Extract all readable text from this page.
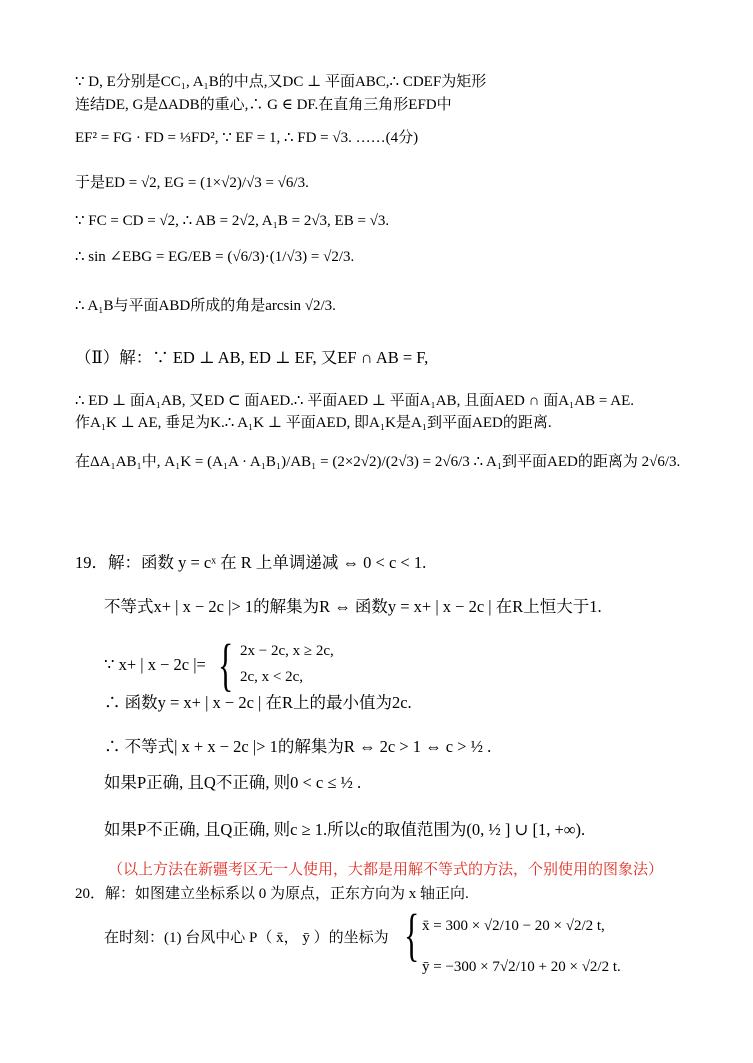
∵ D, E分别是CC₁, A₁B的中点,又DC ⊥ 平面ABC,∴ CDEF为矩形
连结DE, G是ΔADB的重心,∴ G ∈ DF.在直角三角形EFD中
EF² = FG · FD = ⅓FD², ∵ EF = 1, ∴ FD = √3. ……(4分)
于是ED = √2, EG = (1×√2)/√3 = √6/3.
∵ FC = CD = √2, ∴ AB = 2√2, A₁B = 2√3, EB = √3.
∴ sin ∠EBG = EG/EB = (√6/3)·(1/√3) = √2/3.
∴ A₁B与平面ABD所成的角是arcsin √2/3.
（Ⅱ）解：∵ ED ⊥ AB, ED ⊥ EF, 又EF ∩ AB = F,
∴ ED ⊥ 面A₁AB, 又ED ⊂ 面AED.∴ 平面AED ⊥ 平面A₁AB, 且面AED ∩ 面A₁AB = AE.
作A₁K ⊥ AE, 垂足为K.∴ A₁K ⊥ 平面AED, 即A₁K是A₁到平面AED的距离.
在ΔA₁AB₁中, A₁K = (A₁A · A₁B₁)/AB₁ = (2×2√2)/(2√3) = 2√6/3 ∴ A₁到平面AED的距离为 2√6/3.
19．解：函数 y = cˣ 在 R 上单调递减 ⇔ 0 < c < 1.
不等式x+ | x − 2c |> 1的解集为R ⇔ 函数y = x+ | x − 2c | 在R上恒大于1.
∵ x+ | x − 2c |= { 2x − 2c, x ≥ 2c,
2c, x < 2c,
∴ 函数y = x+ | x − 2c | 在R上的最小值为2c.
∴ 不等式| x + x − 2c |> 1的解集为R ⇔ 2c > 1 ⇔ c > ½ .
如果P正确, 且Q不正确, 则0 < c ≤ ½ .
如果P不正确, 且Q正确, 则c ≥ 1.所以c的取值范围为(0, ½ ] ∪ [1, +∞).
（以上方法在新疆考区无一人使用，大都是用解不等式的方法，个别使用的图象法）
20．解：如图建立坐标系以 0 为原点，正东方向为 x 轴正向.
在时刻：(1) 台风中心 P（ x̄， ȳ ）的坐标为 { x̄ = 300 × √2/10 − 20 × √2/2 t,
ȳ = −300 × 7√2/10 + 20 × √2/2 t.
